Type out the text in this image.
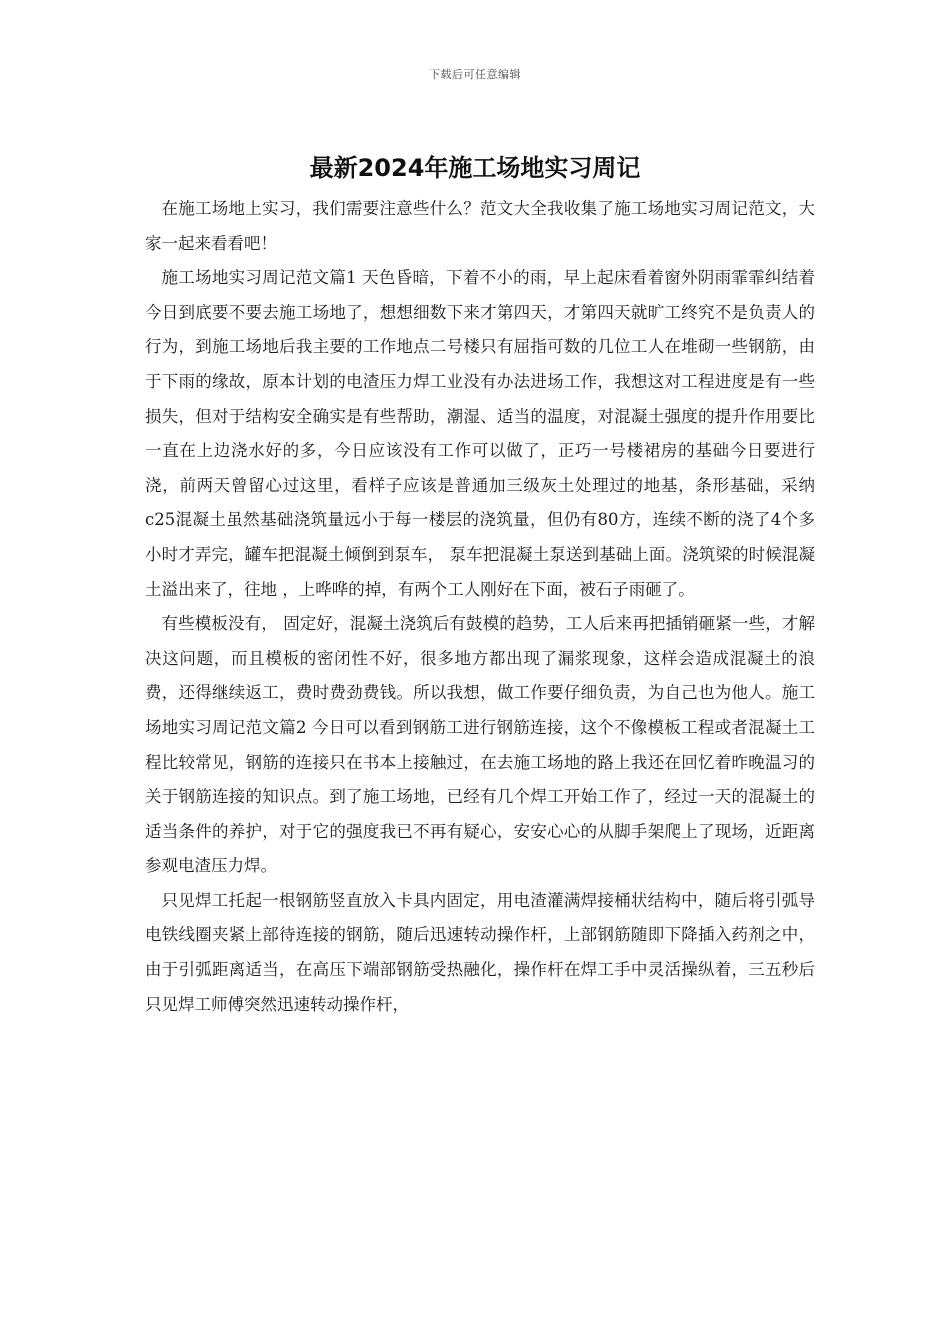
下载后可任意编辑
最新2024年施工场地实习周记

在施工场地上实习，我们需要注意些什么？范文大全我收集了施工场地实习周记范文，大家一起来看看吧！

施工场地实习周记范文篇1 天色昏暗，下着不小的雨，早上起床看着窗外阴雨霏霏纠结着今日到底要不要去施工场地了，想想细数下来才第四天，才第四天就旷工终究不是负责人的行为，到施工场地后我主要的工作地点二号楼只有屈指可数的几位工人在堆砌一些钢筋，由于下雨的缘故，原本计划的电渣压力焊工业没有办法进场工作，我想这对工程进度是有一些损失，但对于结构安全确实是有些帮助，潮湿、适当的温度，对混凝土强度的提升作用要比一直在上边浇水好的多，今日应该没有工作可以做了，正巧一号楼裙房的基础今日要进行浇，前两天曾留心过这里，看样子应该是普通加三级灰土处理过的地基，条形基础，采纳c25混凝土虽然基础浇筑量远小于每一楼层的浇筑量，但仍有80方，连续不断的浇了4个多小时才弄完，罐车把混凝土倾倒到泵车， 泵车把混凝土泵送到基础上面。浇筑梁的时候混凝土溢出来了，往地 ，上哗哗的掉，有两个工人刚好在下面，被石子雨砸了。

有些模板没有， 固定好，混凝土浇筑后有鼓模的趋势，工人后来再把插销砸紧一些，才解决这问题，而且模板的密闭性不好，很多地方都出现了漏浆现象，这样会造成混凝土的浪费，还得继续返工，费时费劲费钱。所以我想，做工作要仔细负责，为自己也为他人。施工场地实习周记范文篇2 今日可以看到钢筋工进行钢筋连接，这个不像模板工程或者混凝土工程比较常见，钢筋的连接只在书本上接触过，在去施工场地的路上我还在回忆着昨晚温习的关于钢筋连接的知识点。到了施工场地，已经有几个焊工开始工作了，经过一天的混凝土的适当条件的养护，对于它的强度我已不再有疑心，安安心心的从脚手架爬上了现场，近距离参观电渣压力焊。

只见焊工托起一根钢筋竖直放入卡具内固定，用电渣灌满焊接桶状结构中，随后将引弧导电铁线圈夹紧上部待连接的钢筋，随后迅速转动操作杆，上部钢筋随即下降插入药剂之中，由于引弧距离适当，在高压下端部钢筋受热融化，操作杆在焊工手中灵活操纵着，三五秒后只见焊工师傅突然迅速转动操作杆，
